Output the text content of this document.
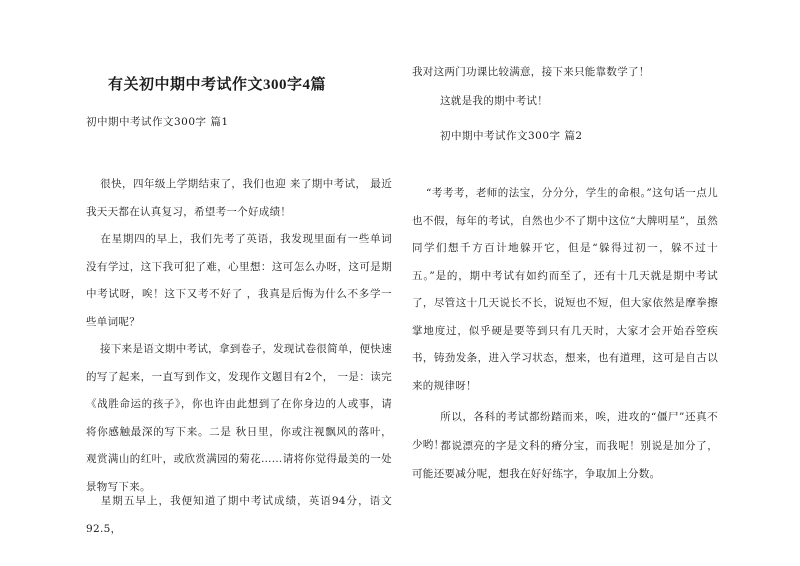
有关初中期中考试作文300字4篇
初中期中考试作文300字 篇1
很快，四年级上学期结束了，我们也迎 来了期中考试， 最近我天天都在认真复习，希望考一个好成绩！
在星期四的早上，我们先考了英语，我发现里面有一些单词 没有学过，这下我可犯了难，心里想：这可怎么办呀，这可是期中考试呀，唉！这下又考不好了 ，我真是后悔为什么不多学一些单词呢？
接下来是语文期中考试，拿到卷子，发现试卷很简单，便快速的写了起来，一直写到作文，发现作文题目有2个， 一是：读完《战胜命运的孩子》，你也许由此想到了在你身边的人或事，请将你感触最深的写下来。二是 秋日里，你或注视飘风的落叶，观赏满山的红叶，或欣赏满园的菊花……请将你觉得最美的一处景物写下来。
星期五早上，我便知道了期中考试成绩，英语94分，语文92.5，
我对这两门功课比较满意，接下来只能靠数学了！
这就是我的期中考试！
初中期中考试作文300字 篇2
“考考考，老师的法宝，分分分，学生的命根。”这句话一点儿也不假，每年的考试，自然也少不了期中这位“大牌明星”，虽然同学们想千方百计地躲开它，但是“躲得过初一，躲不过十五。”是的，期中考试有如约而至了，还有十几天就是期中考试了，尽管这十几天说长不长，说短也不短，但大家依然是摩拳擦掌地度过，似乎硬是要等到只有几天时，大家才会开始吞箜疾书，铸劲发条，进入学习状态，想来，也有道理，这可是自古以来的规律呀！
所以，各科的考试都纷踏而来，唉，进攻的“僵尸”还真不少哟！
都说漂亮的字是文科的瘠分宝，而我呢！别说是加分了，可能还要减分呢，想我在好好练字，争取加上分数。
